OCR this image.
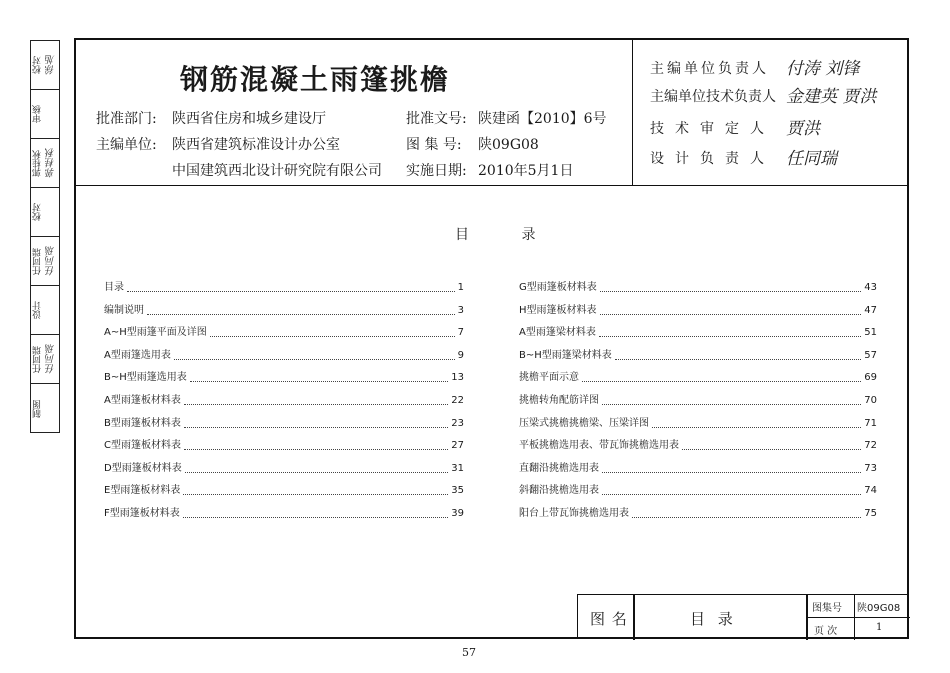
校对 徐旭
审核
郭桂秋 郭桂秋
校对
任同瑞 任同瑞
设计
任同瑞 任同瑞
制图
钢筋混凝土雨篷挑檐
批准部门: 陕西省住房和城乡建设厅
主编单位: 陕西省建筑标准设计办公室
中国建筑西北设计研究院有限公司
批准文号: 陕建函【2010】6号
图 集 号: 陕09G08
实施日期: 2010年5月1日
主编单位负责人 付涛 刘锋
主编单位技术负责人 金建英 贾洪
技术审定人 贾洪
设计负责人 任同瑞
目 录
目录	1
编制说明	3
A~H型雨篷平面及详图	7
A型雨篷选用表	9
B~H型雨篷选用表	13
A型雨篷板材料表	22
B型雨篷板材料表	23
C型雨篷板材料表	27
D型雨篷板材料表	31
E型雨篷板材料表	35
F型雨篷板材料表	39
G型雨篷板材料表	43
H型雨篷板材料表	47
A型雨篷梁材料表	51
B~H型雨篷梁材料表	57
挑檐平面示意	69
挑檐转角配筋详图	70
压梁式挑檐挑檐梁、压梁详图	71
平板挑檐选用表、带瓦饰挑檐选用表	72
直翻沿挑檐选用表	73
斜翻沿挑檐选用表	74
阳台上带瓦饰挑檐选用表	75
图 名	目 录
图集号 陕09G08
页 次	1
57
